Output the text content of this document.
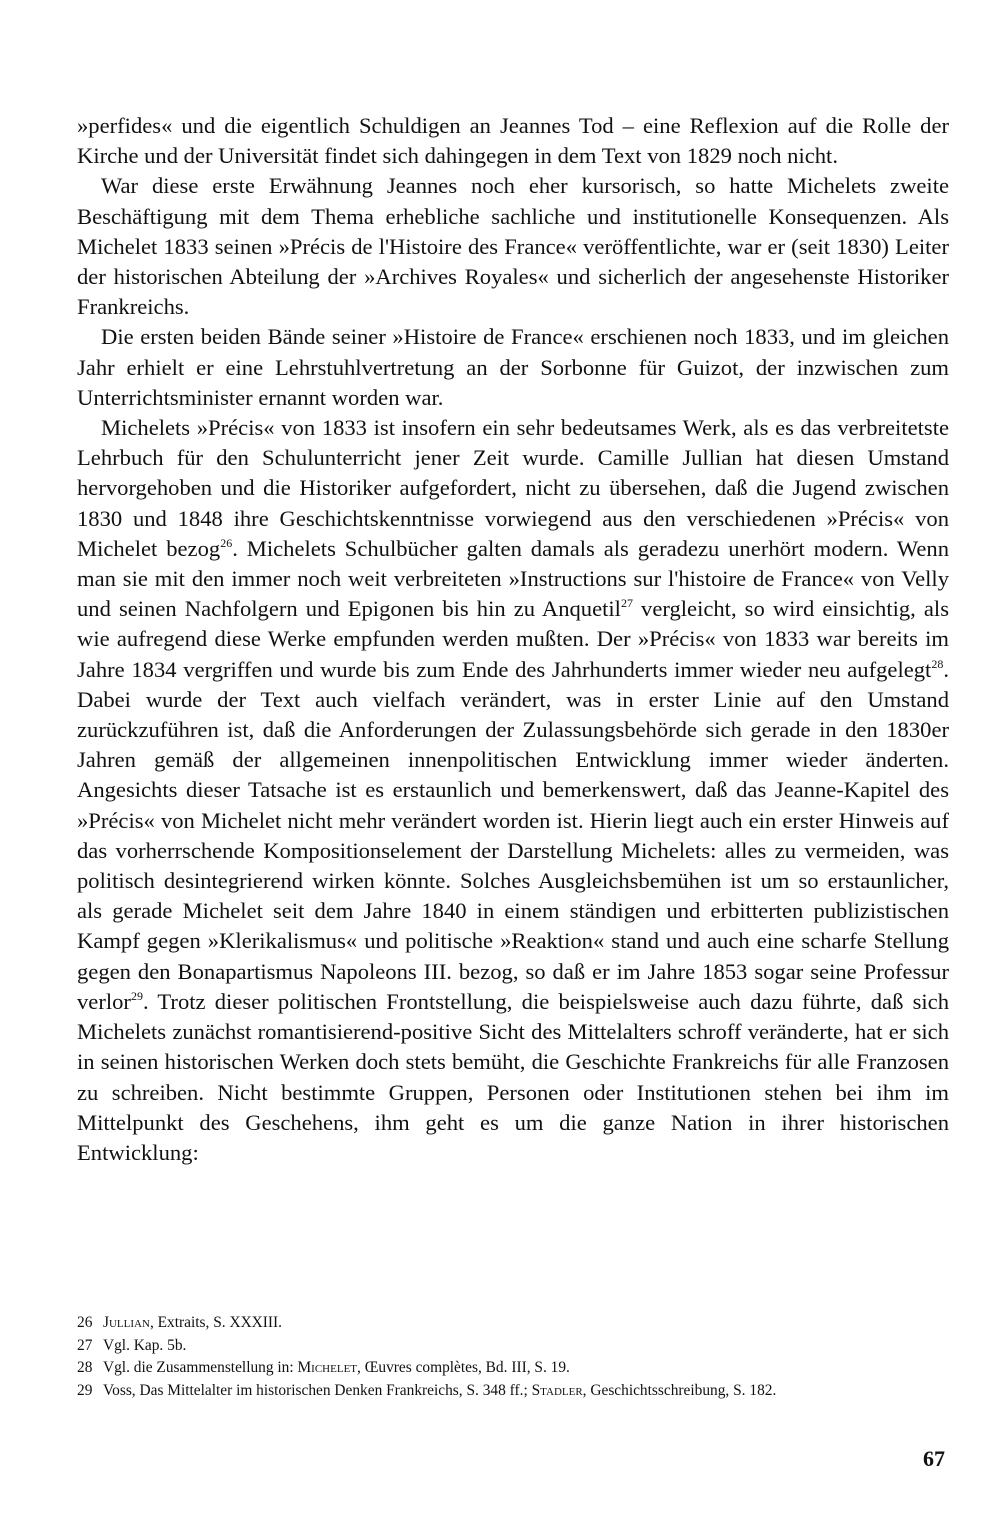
»perfides« und die eigentlich Schuldigen an Jeannes Tod – eine Reflexion auf die Rolle der Kirche und der Universität findet sich dahingegen in dem Text von 1829 noch nicht.

War diese erste Erwähnung Jeannes noch eher kursorisch, so hatte Michelets zweite Beschäftigung mit dem Thema erhebliche sachliche und institutionelle Konsequenzen. Als Michelet 1833 seinen »Précis de l'Histoire des France« veröffentlichte, war er (seit 1830) Leiter der historischen Abteilung der »Archives Royales« und sicherlich der angesehenste Historiker Frankreichs.

Die ersten beiden Bände seiner »Histoire de France« erschienen noch 1833, und im gleichen Jahr erhielt er eine Lehrstuhlvertretung an der Sorbonne für Guizot, der inzwischen zum Unterrichtsminister ernannt worden war.

Michelets »Précis« von 1833 ist insofern ein sehr bedeutsames Werk, als es das verbreitetste Lehrbuch für den Schulunterricht jener Zeit wurde. Camille Jullian hat diesen Umstand hervorgehoben und die Historiker aufgefordert, nicht zu übersehen, daß die Jugend zwischen 1830 und 1848 ihre Geschichtskenntnisse vorwiegend aus den verschiedenen »Précis« von Michelet bezog$^{26}$. Michelets Schulbücher galten damals als geradezu unerhört modern. Wenn man sie mit den immer noch weit verbreiteten »Instructions sur l'histoire de France« von Velly und seinen Nachfolgern und Epigonen bis hin zu Anquetil$^{27}$ vergleicht, so wird einsichtig, als wie aufregend diese Werke empfunden werden mußten. Der »Précis« von 1833 war bereits im Jahre 1834 vergriffen und wurde bis zum Ende des Jahrhunderts immer wieder neu aufgelegt$^{28}$. Dabei wurde der Text auch vielfach verändert, was in erster Linie auf den Umstand zurückzuführen ist, daß die Anforderungen der Zulassungsbehörde sich gerade in den 1830er Jahren gemäß der allgemeinen innenpolitischen Entwicklung immer wieder änderten. Angesichts dieser Tatsache ist es erstaunlich und bemerkenswert, daß das Jeanne-Kapitel des »Précis« von Michelet nicht mehr verändert worden ist. Hierin liegt auch ein erster Hinweis auf das vorherrschende Kompositionselement der Darstellung Michelets: alles zu vermeiden, was politisch desintegrierend wirken könnte. Solches Ausgleichsbemühen ist um so erstaunlicher, als gerade Michelet seit dem Jahre 1840 in einem ständigen und erbitterten publizistischen Kampf gegen »Klerikalismus« und politische »Reaktion« stand und auch eine scharfe Stellung gegen den Bonapartismus Napoleons III. bezog, so daß er im Jahre 1853 sogar seine Professur verlor$^{29}$. Trotz dieser politischen Frontstellung, die beispielsweise auch dazu führte, daß sich Michelets zunächst romantisierend-positive Sicht des Mittelalters schroff veränderte, hat er sich in seinen historischen Werken doch stets bemüht, die Geschichte Frankreichs für alle Franzosen zu schreiben. Nicht bestimmte Gruppen, Personen oder Institutionen stehen bei ihm im Mittelpunkt des Geschehens, ihm geht es um die ganze Nation in ihrer historischen Entwicklung:

26 Jullian, Extraits, S. XXXIII.
27 Vgl. Kap. 5b.
28 Vgl. die Zusammenstellung in: Michelet, Œuvres complètes, Bd. III, S. 19.
29 Voss, Das Mittelalter im historischen Denken Frankreichs, S. 348 ff.; Stadler, Geschichtsschreibung, S. 182.
67
